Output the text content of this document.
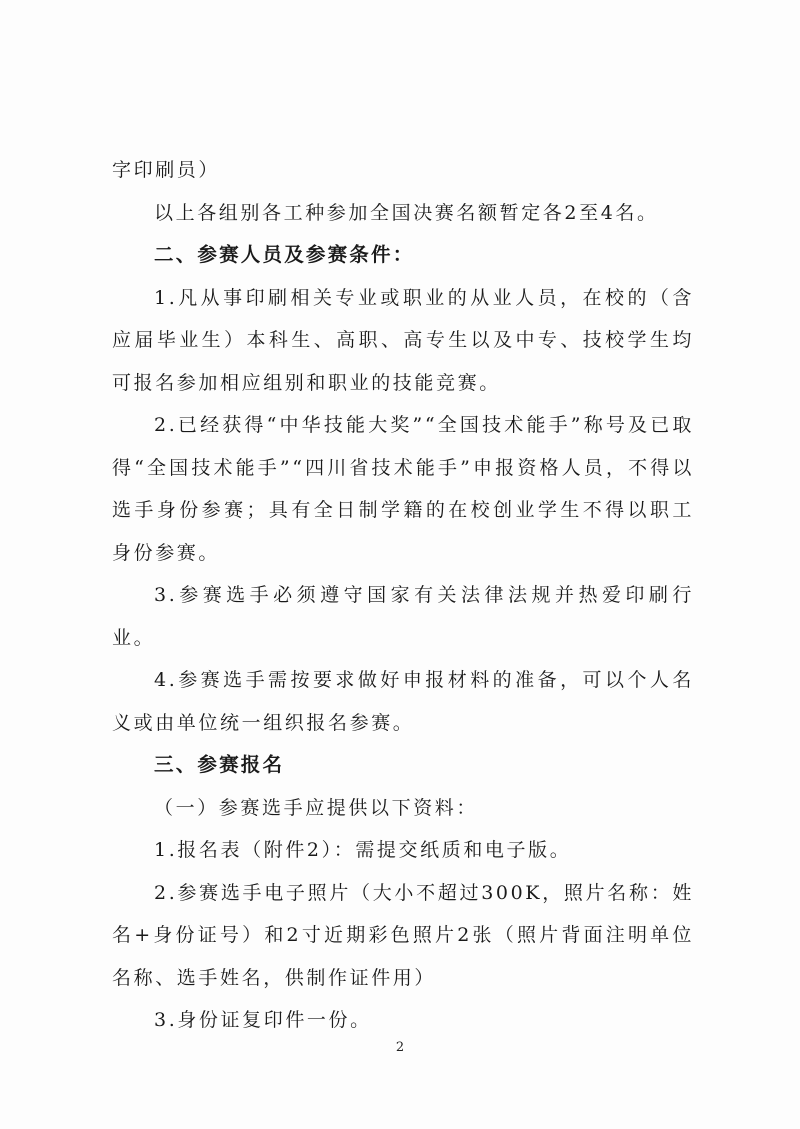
字印刷员）

以上各组别各工种参加全国决赛名额暂定各2至4名。

二、参赛人员及参赛条件：

1.凡从事印刷相关专业或职业的从业人员，在校的（含应届毕业生）本科生、高职、高专生以及中专、技校学生均可报名参加相应组别和职业的技能竞赛。

2.已经获得“中华技能大奖”“全国技术能手”称号及已取得“全国技术能手”“四川省技术能手”申报资格人员，不得以选手身份参赛；具有全日制学籍的在校创业学生不得以职工身份参赛。

3.参赛选手必须遵守国家有关法律法规并热爱印刷行业。

4.参赛选手需按要求做好申报材料的准备，可以个人名义或由单位统一组织报名参赛。

三、参赛报名

（一）参赛选手应提供以下资料：

1.报名表（附件2）：需提交纸质和电子版。

2.参赛选手电子照片（大小不超过300K，照片名称：姓名+身份证号）和2寸近期彩色照片2张（照片背面注明单位名称、选手姓名，供制作证件用）

3.身份证复印件一份。

2
